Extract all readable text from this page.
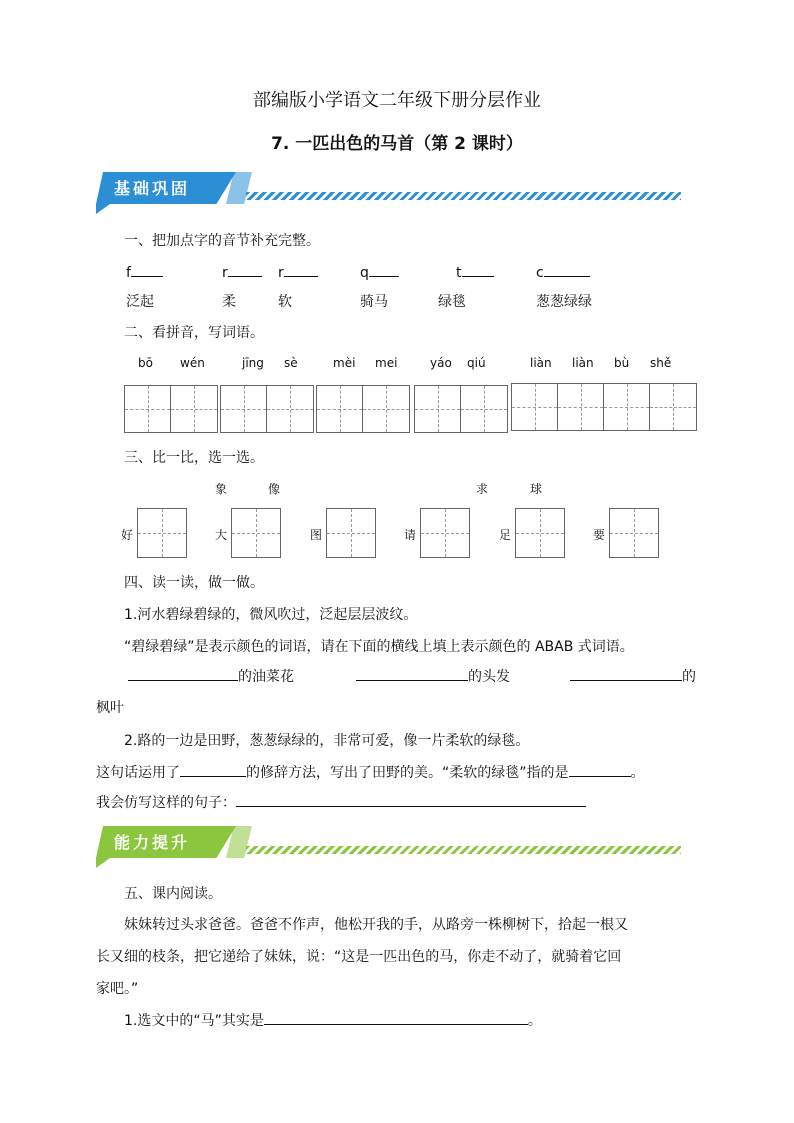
部编版小学语文二年级下册分层作业
7. 一匹出色的马首（第 2 课时）
基础巩固
一、把加点字的音节补充完整。
f	r	r	q	t	c
泛起	柔	软	骑马	绿毯	葱葱绿绿
二、看拼音，写词语。
bō wén	jīng sè	mèi mei	yáo qiú	liàn liàn bù shě
三、比一比，选一选。
象	像	求	球
好	大	图	请	足	要
四、读一读，做一做。
1.河水碧绿碧绿的，微风吹过，泛起层层波纹。
“碧绿碧绿”是表示颜色的词语，请在下面的横线上填上表示颜色的 ABAB 式词语。
的油菜花	的头发	的
枫叶
2.路的一边是田野，葱葱绿绿的，非常可爱，像一片柔软的绿毯。
这句话运用了	的修辞方法，写出了田野的美。“柔软的绿毯”指的是	。
我会仿写这样的句子：
能力提升
五、课内阅读。
妹妹转过头求爸爸。爸爸不作声，他松开我的手，从路旁一株柳树下，拾起一根又
长又细的枝条，把它递给了妹妹，说：“这是一匹出色的马，你走不动了，就骑着它回
家吧。”
1.选文中的“马”其实是	。
